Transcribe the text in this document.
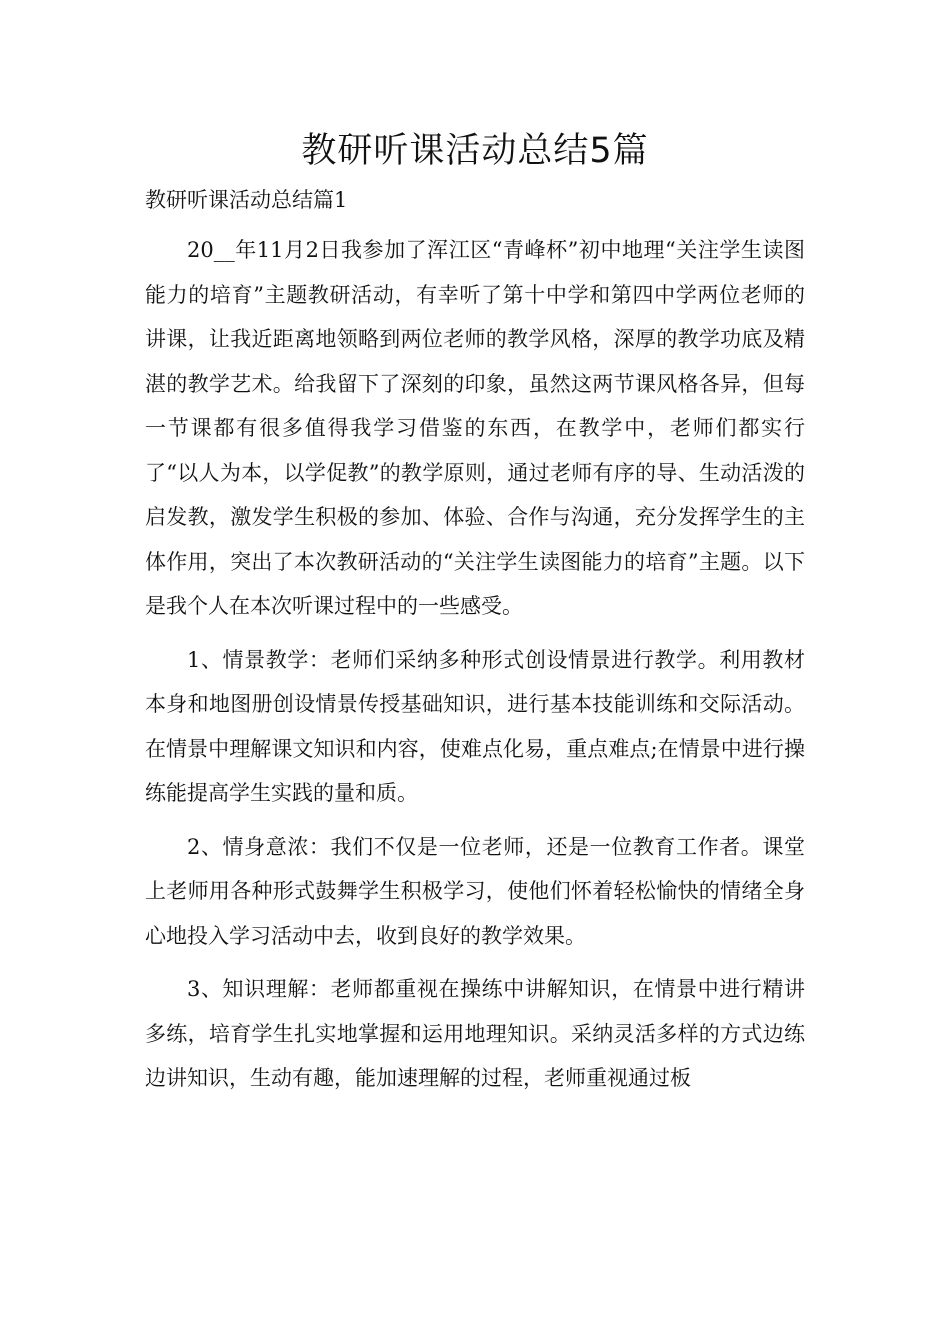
教研听课活动总结5篇
教研听课活动总结篇1

20__年11月2日我参加了浑江区“青峰杯”初中地理“关注学生读图能力的培育”主题教研活动，有幸听了第十中学和第四中学两位老师的讲课，让我近距离地领略到两位老师的教学风格，深厚的教学功底及精湛的教学艺术。给我留下了深刻的印象，虽然这两节课风格各异，但每一节课都有很多值得我学习借鉴的东西，在教学中，老师们都实行了“以人为本，以学促教”的教学原则，通过老师有序的导、生动活泼的启发教，激发学生积极的参加、体验、合作与沟通，充分发挥学生的主体作用，突出了本次教研活动的“关注学生读图能力的培育”主题。以下是我个人在本次听课过程中的一些感受。

1、情景教学：老师们采纳多种形式创设情景进行教学。利用教材本身和地图册创设情景传授基础知识，进行基本技能训练和交际活动。在情景中理解课文知识和内容，使难点化易，重点难点;在情景中进行操练能提高学生实践的量和质。

2、情身意浓：我们不仅是一位老师，还是一位教育工作者。课堂上老师用各种形式鼓舞学生积极学习，使他们怀着轻松愉快的情绪全身心地投入学习活动中去，收到良好的教学效果。

3、知识理解：老师都重视在操练中讲解知识，在情景中进行精讲多练，培育学生扎实地掌握和运用地理知识。采纳灵活多样的方式边练边讲知识，生动有趣，能加速理解的过程，老师重视通过板
